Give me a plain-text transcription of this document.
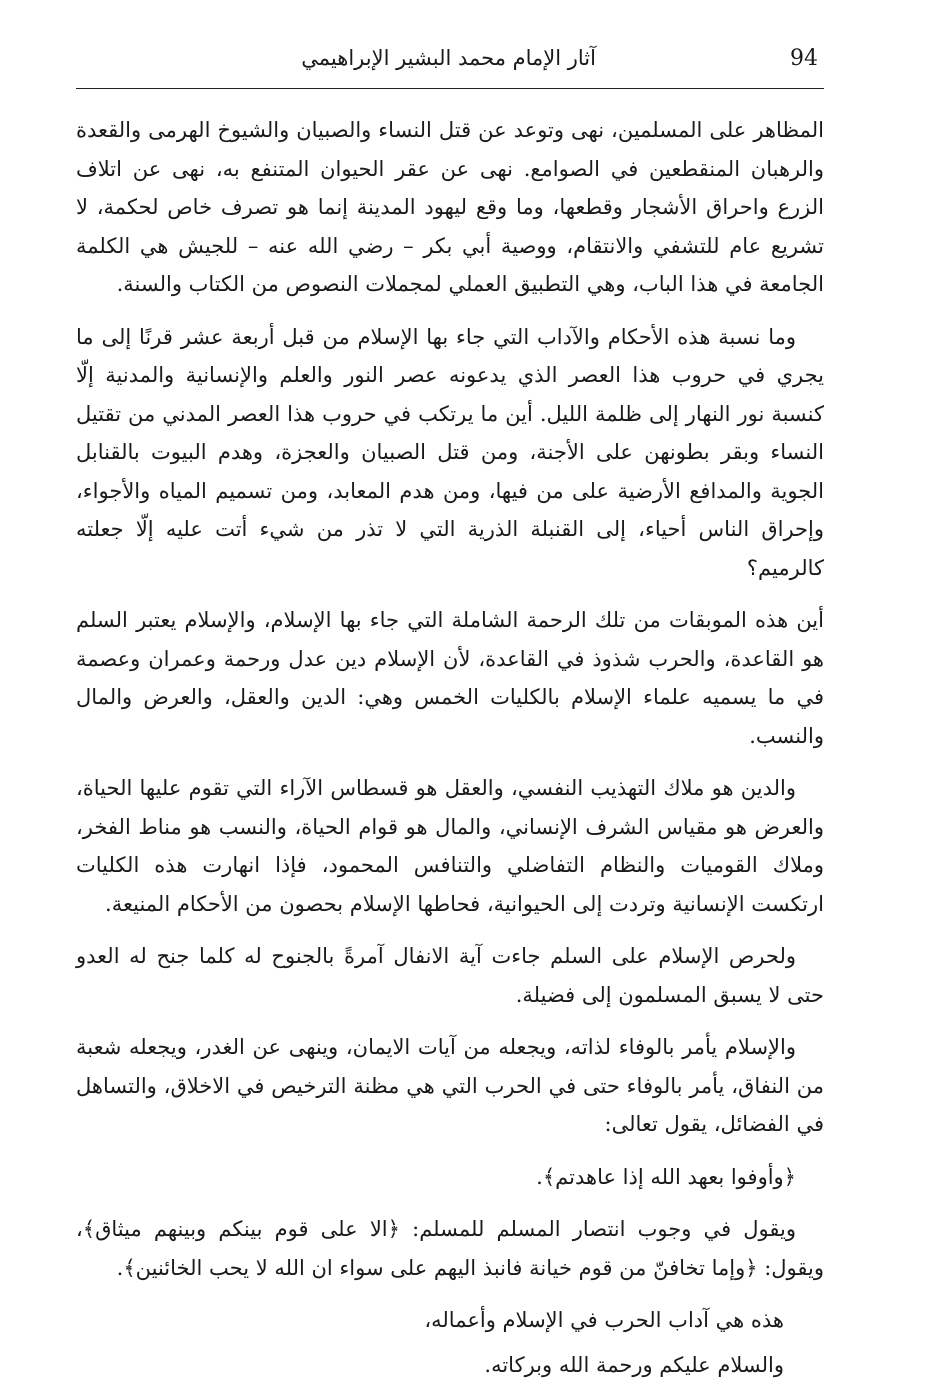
94
آثار الإمام محمد البشير الإبراهيمي

المظاهر على المسلمين، نهى وتوعد عن قتل النساء والصبيان والشيوخ الهرمى والقعدة والرهبان المنقطعين في الصوامع. نهى عن عقر الحيوان المتنفع به، نهى عن اتلاف الزرع واحراق الأشجار وقطعها، وما وقع ليهود المدينة إنما هو تصرف خاص لحكمة، لا تشريع عام للتشفي والانتقام، ووصية أبي بكر – رضي الله عنه – للجيش هي الكلمة الجامعة في هذا الباب، وهي التطبيق العملي لمجملات النصوص من الكتاب والسنة.

وما نسبة هذه الأحكام والآداب التي جاء بها الإسلام من قبل أربعة عشر قرنًا إلى ما يجري في حروب هذا العصر الذي يدعونه عصر النور والعلم والإنسانية والمدنية إلّا كنسبة نور النهار إلى ظلمة الليل. أين ما يرتكب في حروب هذا العصر المدني من تقتيل النساء وبقر بطونهن على الأجنة، ومن قتل الصبيان والعجزة، وهدم البيوت بالقنابل الجوية والمدافع الأرضية على من فيها، ومن هدم المعابد، ومن تسميم المياه والأجواء، وإحراق الناس أحياء، إلى القنبلة الذرية التي لا تذر من شيء أتت عليه إلّا جعلته كالرميم؟

أين هذه الموبقات من تلك الرحمة الشاملة التي جاء بها الإسلام، والإسلام يعتبر السلم هو القاعدة، والحرب شذوذ في القاعدة، لأن الإسلام دين عدل ورحمة وعمران وعصمة في ما يسميه علماء الإسلام بالكليات الخمس وهي: الدين والعقل، والعرض والمال والنسب.

والدين هو ملاك التهذيب النفسي، والعقل هو قسطاس الآراء التي تقوم عليها الحياة، والعرض هو مقياس الشرف الإنساني، والمال هو قوام الحياة، والنسب هو مناط الفخر، وملاك القوميات والنظام التفاضلي والتنافس المحمود، فإذا انهارت هذه الكليات ارتكست الإنسانية وتردت إلى الحيوانية، فحاطها الإسلام بحصون من الأحكام المنيعة.

ولحرص الإسلام على السلم جاءت آية الانفال آمرةً بالجنوح له كلما جنح له العدو حتى لا يسبق المسلمون إلى فضيلة.

والإسلام يأمر بالوفاء لذاته، ويجعله من آيات الايمان، وينهى عن الغدر، ويجعله شعبة من النفاق، يأمر بالوفاء حتى في الحرب التي هي مظنة الترخيص في الاخلاق، والتساهل في الفضائل، يقول تعالى:

﴿وأوفوا بعهد الله إذا عاهدتم﴾.

ويقول في وجوب انتصار المسلم للمسلم: ﴿الا على قوم بينكم وبينهم ميثاق﴾، ويقول: ﴿وإما تخافنّ من قوم خيانة فانبذ اليهم على سواء ان الله لا يحب الخائنين﴾.

هذه هي آداب الحرب في الإسلام وأعماله،

والسلام عليكم ورحمة الله وبركاته.
